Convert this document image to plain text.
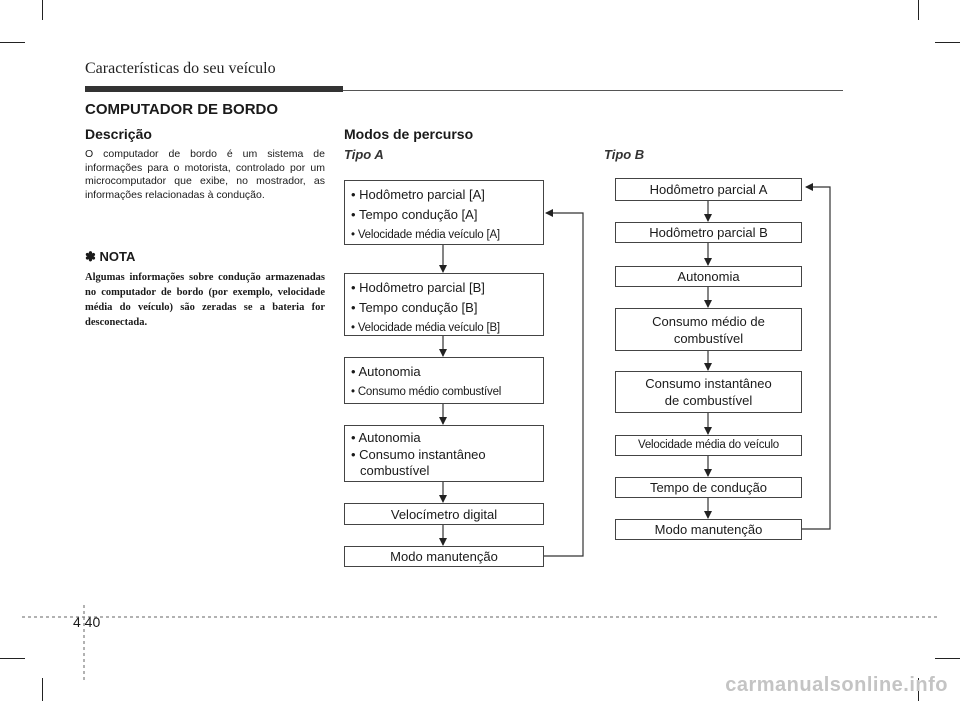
Características do seu veículo
COMPUTADOR DE BORDO
Descrição
O computador de bordo é um sistema de informações para o motorista, controlado por um microcomputador que exibe, no mostrador, as informações relacionadas à condução.
✽ NOTA
Algumas informações sobre condução armazenadas no computador de bordo (por exemplo, velocidade média do veículo) são zeradas se a bateria for desconectada.
Modos de percurso
Tipo A	Tipo B
• Hodômetro parcial [A]
• Tempo condução [A]
• Velocidade média veículo [A]
• Hodômetro parcial [B]
• Tempo condução [B]
• Velocidade média veículo [B]
• Autonomia
• Consumo médio combustível
• Autonomia
• Consumo instantâneo
combustível
Velocímetro digital
Modo manutenção
Hodômetro parcial A
Hodômetro parcial B
Autonomia
Consumo médio de
combustível
Consumo instantâneo
de combustível
Velocidade média do veículo
Tempo de condução
Modo manutenção
4 40
carmanualsonline.info
